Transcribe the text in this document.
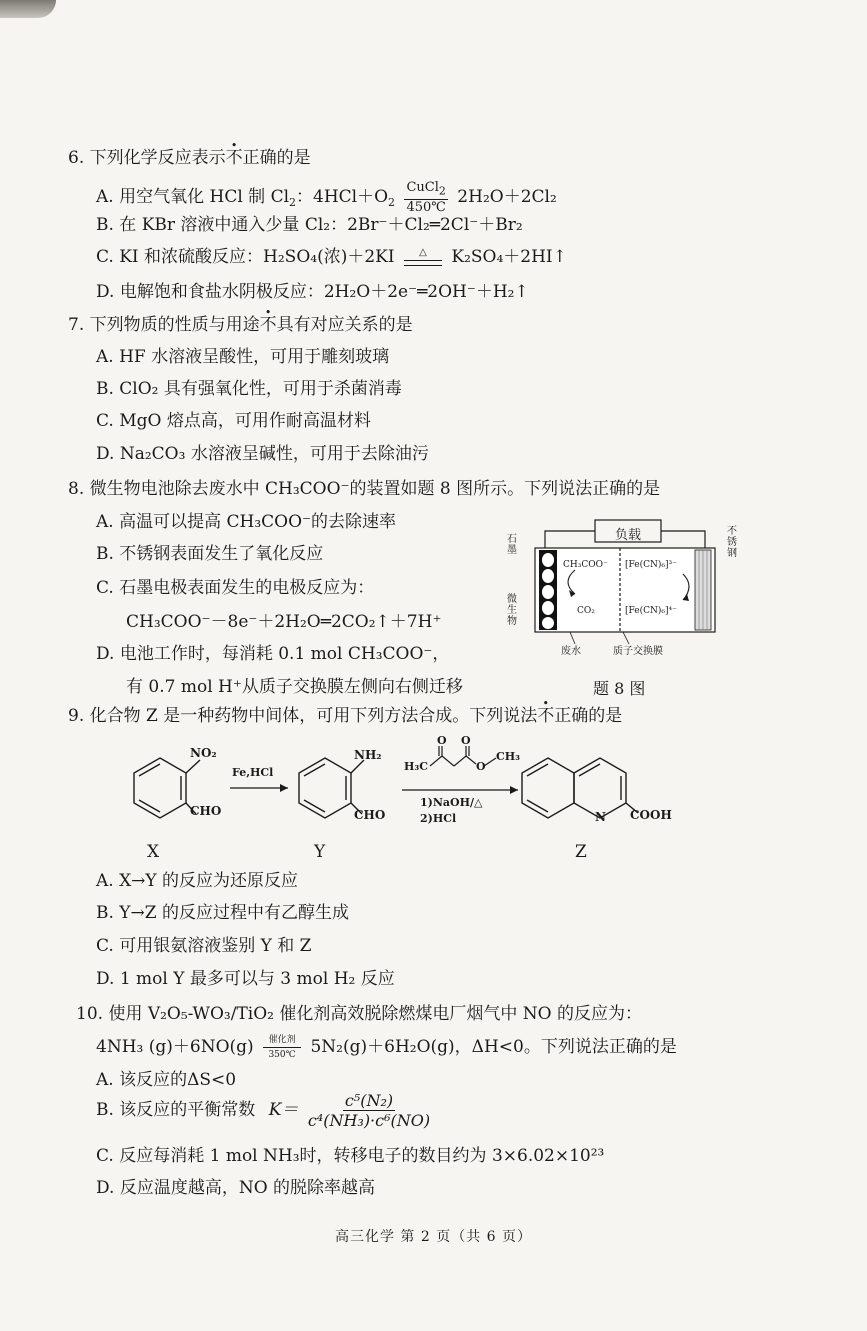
6. 下列化学反应表示不正确的是
A. 用空气氧化 HCl 制 $Cl_2$：$4HCl+O_2 \frac{CuCl_2}{450℃} 2H_2O+2Cl_2$
B. 在 KBr 溶液中通入少量 Cl₂：2Br⁻＋Cl₂═2Cl⁻＋Br₂
C. KI 和浓硫酸反应：H₂SO₄(浓)＋2KI △ K₂SO₄＋2HI↑
D. 电解饱和食盐水阴极反应：2H₂O＋2e⁻═2OH⁻＋H₂↑
7. 下列物质的性质与用途不具有对应关系的是
A. HF 水溶液呈酸性，可用于雕刻玻璃
B. ClO₂ 具有强氧化性，可用于杀菌消毒
C. MgO 熔点高，可用作耐高温材料
D. Na₂CO₃ 水溶液呈碱性，可用于去除油污
8. 微生物电池除去废水中 CH₃COO⁻的装置如题 8 图所示。下列说法正确的是
A. 高温可以提高 CH₃COO⁻的去除速率
B. 不锈钢表面发生了氧化反应
C. 石墨电极表面发生的电极反应为：
CH₃COO⁻－8e⁻＋2H₂O═2CO₂↑＋7H⁺
D. 电池工作时，每消耗 0.1 mol CH₃COO⁻，
有 0.7 mol H⁺从质子交换膜左侧向右侧迁移
负载
石墨
微生物
不锈钢
CH₃COO⁻
CO₂
[Fe(CN)₆]³⁻
[Fe(CN)₆]⁴⁻
废水	质子交换膜
题 8 图
9. 化合物 Z 是一种药物中间体，可用下列方法合成。下列说法不正确的是
NO₂
CHO
Fe,HCl
NH₂
CHO
H₃C
O O
O
CH₃
1)NaOH/△
2)HCl	N COOH
X	Y	Z
A. X→Y 的反应为还原反应
B. Y→Z 的反应过程中有乙醇生成
C. 可用银氨溶液鉴别 Y 和 Z
D. 1 mol Y 最多可以与 3 mol H₂ 反应
10. 使用 V₂O₅-WO₃/TiO₂ 催化剂高效脱除燃煤电厂烟气中 NO 的反应为：
4NH₃ (g)＋6NO(g) 催化剂
350℃ 5N₂(g)＋6H₂O(g)，ΔH<0。下列说法正确的是
A. 该反应的ΔS<0
B. 该反应的平衡常数 $K= \frac{\text{c⁵(N₂)}}{\text{c⁴(NH₃)·c⁶(NO)}}$
C. 反应每消耗 1 mol NH₃时，转移电子的数目约为 3×6.02×10²³
D. 反应温度越高，NO 的脱除率越高
高三化学 第 2 页（共 6 页）
